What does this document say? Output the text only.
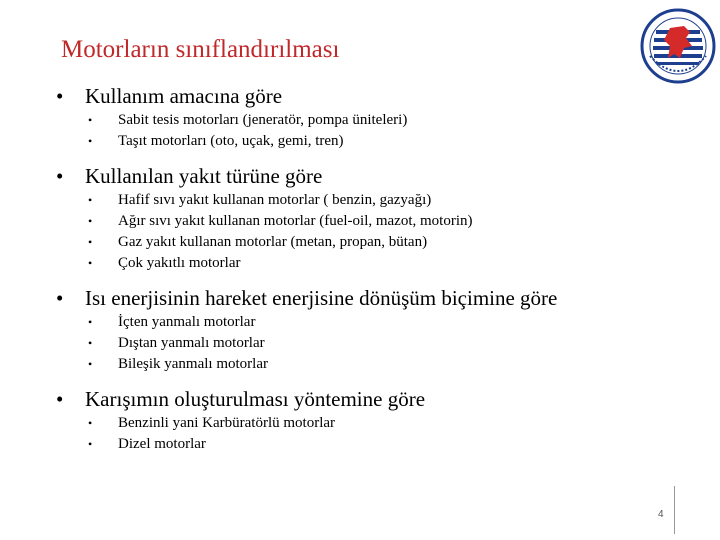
Motorların sınıflandırılması
• Kullanım amacına göre
• Sabit tesis motorları (jeneratör, pompa üniteleri)
• Taşıt motorları (oto, uçak, gemi, tren)
• Kullanılan yakıt türüne göre
• Hafif sıvı yakıt kullanan motorlar ( benzin, gazyağı)
• Ağır sıvı yakıt kullanan motorlar (fuel-oil, mazot, motorin)
• Gaz yakıt kullanan motorlar (metan, propan, bütan)
• Çok yakıtlı motorlar
• Isı enerjisinin hareket enerjisine dönüşüm biçimine göre
• İçten yanmalı motorlar
• Dıştan yanmalı motorlar
• Bileşik yanmalı motorlar
• Karışımın oluşturulması yöntemine göre
• Benzinli yani Karbüratörlü motorlar
• Dizel motorlar
4
